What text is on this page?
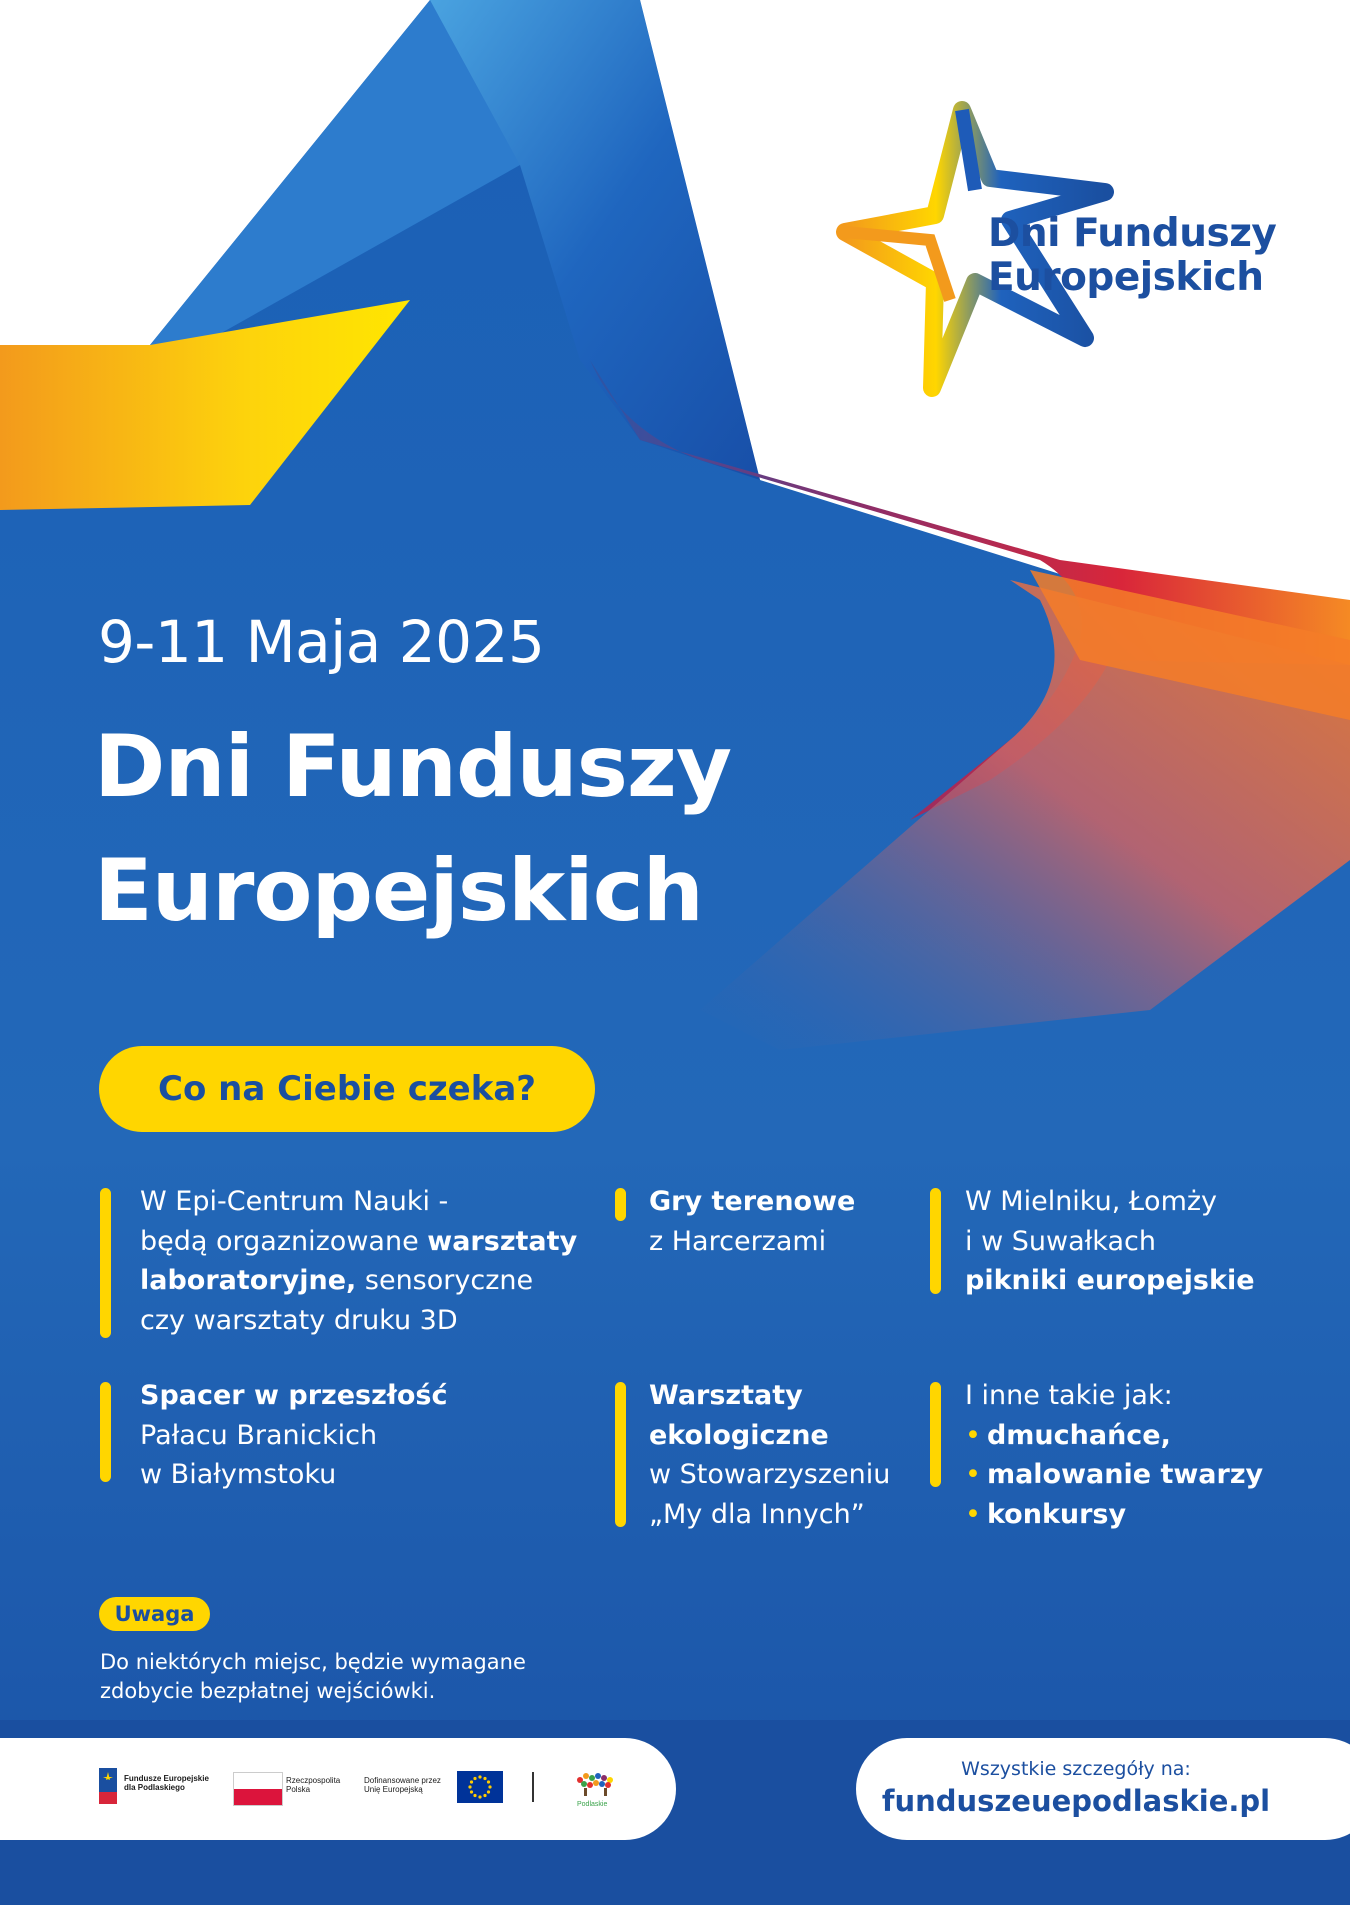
Dni Funduszy
Europejskich
9-11 Maja 2025
Dni Funduszy
Europejskich
Co na Ciebie czeka?
W Epi-Centrum Nauki -
będą orgaznizowane warsztaty
laboratoryjne, sensoryczne
czy warsztaty druku 3D
Gry terenowe
z Harcerzami
W Mielniku, Łomży
i w Suwałkach
pikniki europejskie
Spacer w przeszłość
Pałacu Branickich
w Białymstoku
Warsztaty
ekologiczne
w Stowarzyszeniu
„My dla Innych”
I inne takie jak:
• dmuchańce,
• malowanie twarzy
• konkursy
Uwaga
Do niektórych miejsc, będzie wymagane
zdobycie bezpłatnej wejściówki.
Fundusze Europejskie
dla Podlaskiego
Rzeczpospolita
Polska
Dofinansowane przez
Unię Europejską
Podlaskie
Wszystkie szczegóły na:
funduszeuepodlaskie.pl
